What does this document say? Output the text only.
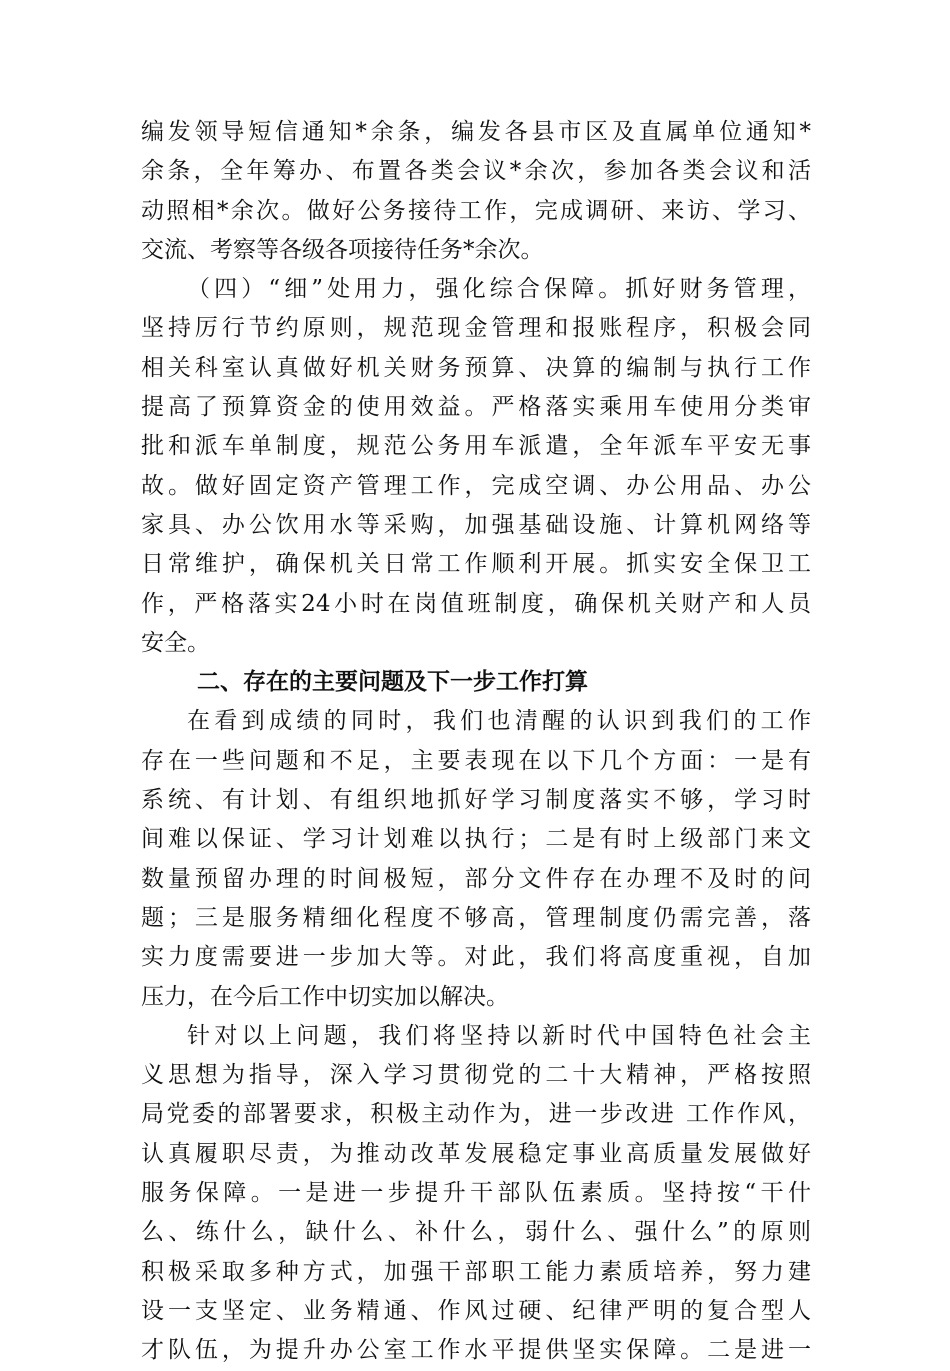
编发领导短信通知*余条，编发各县市区及直属单位通知*
余条，全年筹办、布置各类会议*余次，参加各类会议和活
动照相*余次。做好公务接待工作，完成调研、来访、学习、
交流、考察等各级各项接待任务*余次。
（四）“细”处用力，强化综合保障。抓好财务管理，
坚持厉行节约原则，规范现金管理和报账程序，积极会同
相关科室认真做好机关财务预算、决算的编制与执行工作
提高了预算资金的使用效益。严格落实乘用车使用分类审
批和派车单制度，规范公务用车派遣，全年派车平安无事
故。做好固定资产管理工作，完成空调、办公用品、办公
家具、办公饮用水等采购，加强基础设施、计算机网络等
日常维护，确保机关日常工作顺利开展。抓实安全保卫工
作，严格落实24小时在岗值班制度，确保机关财产和人员
安全。
二、存在的主要问题及下一步工作打算
在看到成绩的同时，我们也清醒的认识到我们的工作
存在一些问题和不足，主要表现在以下几个方面：一是有
系统、有计划、有组织地抓好学习制度落实不够，学习时
间难以保证、学习计划难以执行；二是有时上级部门来文
数量预留办理的时间极短，部分文件存在办理不及时的问
题；三是服务精细化程度不够高，管理制度仍需完善，落
实力度需要进一步加大等。对此，我们将高度重视，自加
压力，在今后工作中切实加以解决。
针对以上问题，我们将坚持以新时代中国特色社会主
义思想为指导，深入学习贯彻党的二十大精神，严格按照
局党委的部署要求，积极主动作为，进一步改进 工作作风，
认真履职尽责，为推动改革发展稳定事业高质量发展做好
服务保障。一是进一步提升干部队伍素质。坚持按“干什
么、练什么，缺什么、补什么，弱什么、强什么”的原则
积极采取多种方式，加强干部职工能力素质培养，努力建
设一支坚定、业务精通、作风过硬、纪律严明的复合型人
才队伍，为提升办公室工作水平提供坚实保障。二是进一
